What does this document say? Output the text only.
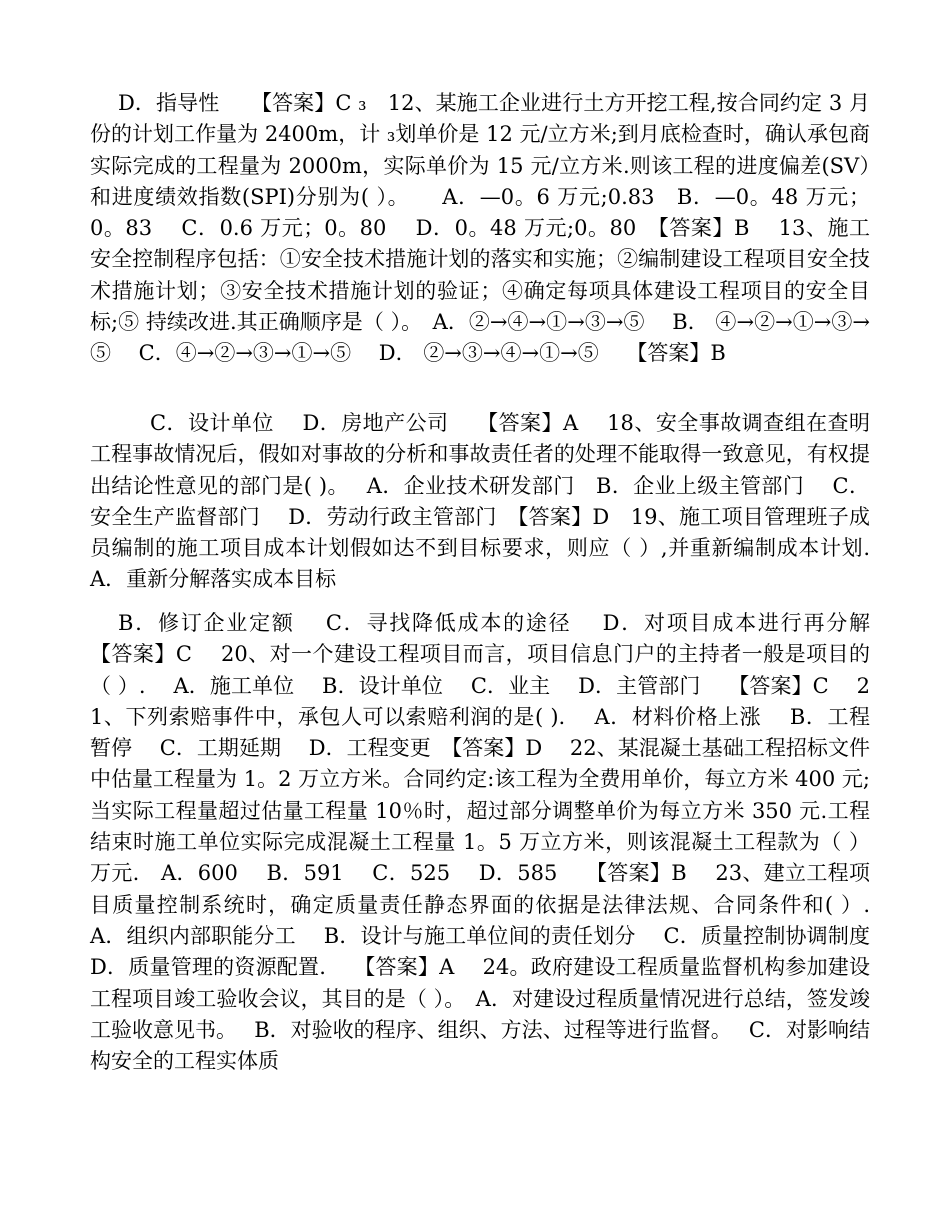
D．指导性　　【答案】C ₃　12、某施工企业进行土方开挖工程,按合同约定 3 月份的计划工作量为 2400m，计 ₃划单价是 12 元∕立方米;到月底检查时，确认承包商实际完成的工程量为 2000m，实际单价为 15 元∕立方米.则该工程的进度偏差(SV）和进度绩效指数(SPI)分别为( ）。　　A．—0。6 万元;0.83　B．—0。48 万元；0。83　 C．0.6 万元；0。80　 D．0。48 万元;0。80　【答案】B　 13、施工安全控制程序包括：①安全技术措施计划的落实和实施；②编制建设工程项目安全技术措施计划；③安全技术措施计划的验证；④确定每项具体建设工程项目的安全目标;⑤ 持续改进.其正确顺序是（ ）。　A．②→④→①→③→⑤　 B． ④→②→①→③→⑤　 C．④→②→③→①→⑤　 D． ②→③→④→①→⑤　 【答案】B

C．设计单位　 D．房地产公司　 【答案】A　 18、安全事故调查组在查明工程事故情况后，假如对事故的分析和事故责任者的处理不能取得一致意见，有权提出结论性意见的部门是( )。　 A．企业技术研发部门　B．企业上级主管部门　 C．安全生产监督部门　 D．劳动行政主管部门　【答案】D　19、施工项目管理班子成员编制的施工项目成本计划假如达不到目标要求，则应（ ）,并重新编制成本计划.　 A．重新分解落实成本目标

B．修订企业定额　 C．寻找降低成本的途径　 D．对项目成本进行再分解　 【答案】C　 20、对一个建设工程项目而言，项目信息门户的主持者一般是项目的（ ）.　 A．施工单位　 B．设计单位　 C．业主　 D．主管部门　 【答案】C　 21、下列索赔事件中，承包人可以索赔利润的是( ).　 A．材料价格上涨　 B．工程暂停　 C．工期延期　 D．工程变更　【答案】D　 22、某混凝土基础工程招标文件中估量工程量为 1。2 万立方米。合同约定:该工程为全费用单价，每立方米 400 元;当实际工程量超过估量工程量 10％时，超过部分调整单价为每立方米 350 元.工程结束时施工单位实际完成混凝土工程量 1。5 万立方米，则该混凝土工程款为（ ）万元.　A．600　 B．591　 C．525　 D．585　 【答案】B　 23、建立工程项目质量控制系统时，确定质量责任静态界面的依据是法律法规、合同条件和( ）.　 A．组织内部职能分工　 B．设计与施工单位间的责任划分　 C．质量控制协调制度　 D．质量管理的资源配置.　 【答案】A　 24。政府建设工程质量监督机构参加建设工程项目竣工验收会议，其目的是（ ）。　A．对建设过程质量情况进行总结，签发竣工验收意见书。　 B．对验收的程序、组织、方法、过程等进行监督。　 C．对影响结构安全的工程实体质
